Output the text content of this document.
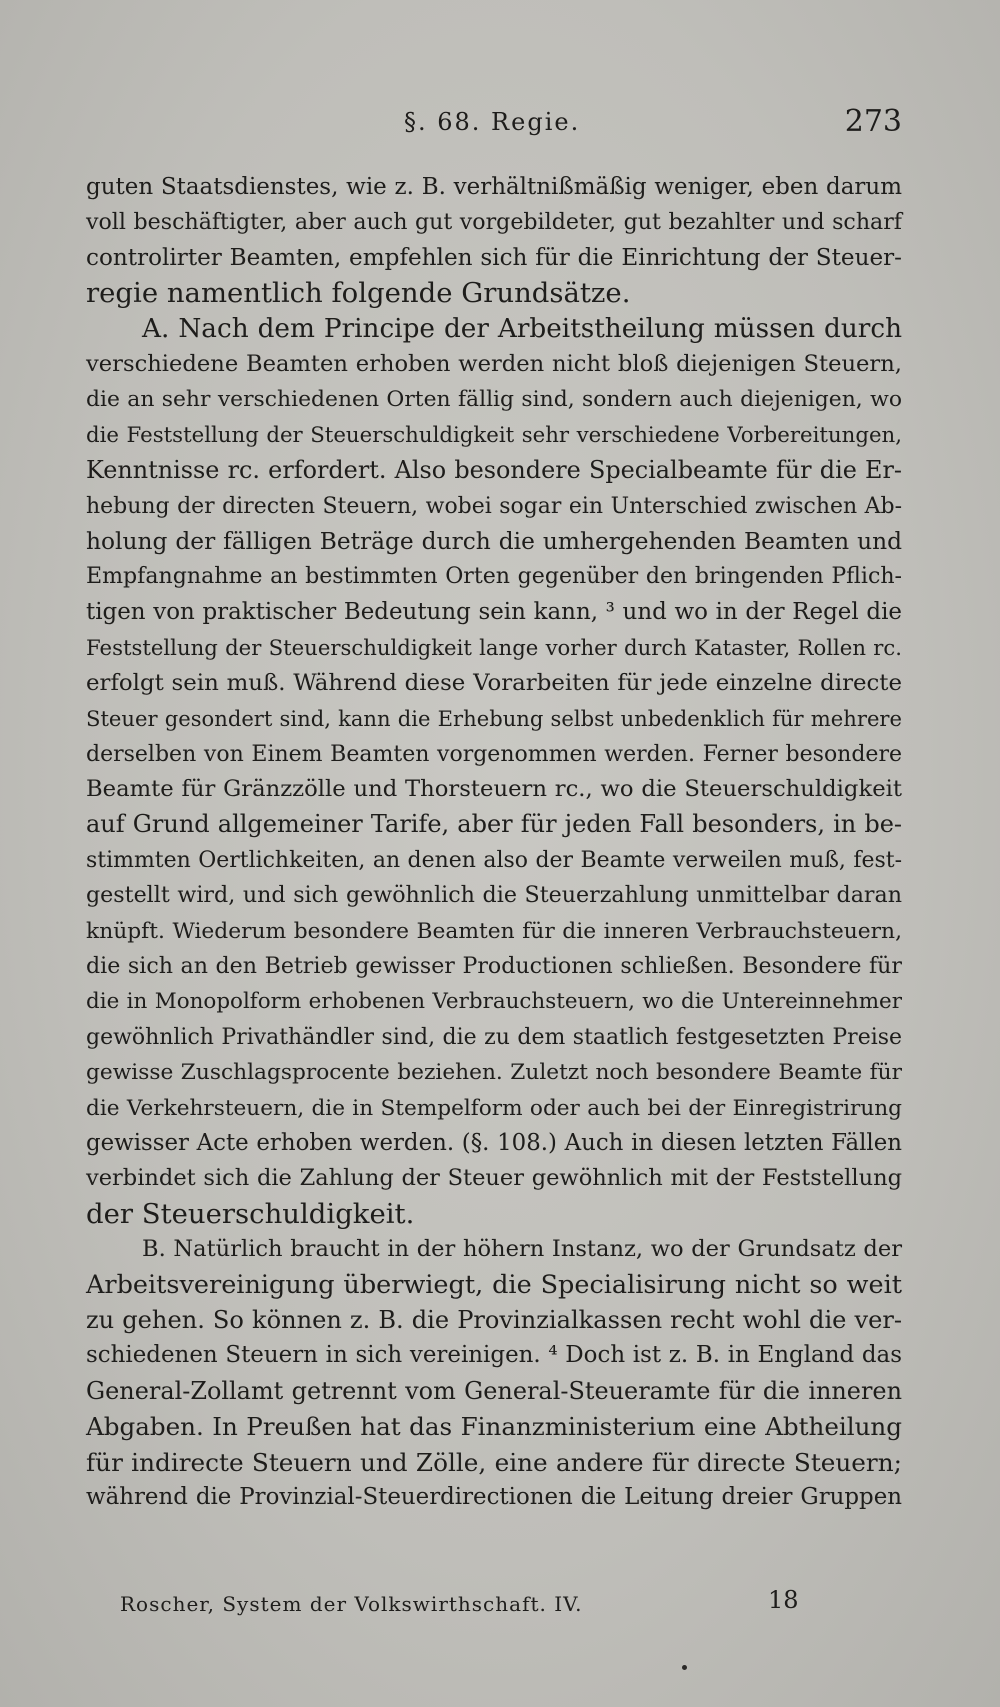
§. 68. Regie.	273
guten Staatsdienstes, wie z. B. verhältnißmäßig weniger, eben darum
voll beschäftigter, aber auch gut vorgebildeter, gut bezahlter und scharf
controlirter Beamten, empfehlen sich für die Einrichtung der Steuer-
regie namentlich folgende Grundsätze.
A. Nach dem Principe der Arbeitstheilung müssen durch
verschiedene Beamten erhoben werden nicht bloß diejenigen Steuern,
die an sehr verschiedenen Orten fällig sind, sondern auch diejenigen, wo
die Feststellung der Steuerschuldigkeit sehr verschiedene Vorbereitungen,
Kenntnisse rc. erfordert. Also besondere Specialbeamte für die Er-
hebung der directen Steuern, wobei sogar ein Unterschied zwischen Ab-
holung der fälligen Beträge durch die umhergehenden Beamten und
Empfangnahme an bestimmten Orten gegenüber den bringenden Pflich-
tigen von praktischer Bedeutung sein kann, ³ und wo in der Regel die
Feststellung der Steuerschuldigkeit lange vorher durch Kataster, Rollen rc.
erfolgt sein muß. Während diese Vorarbeiten für jede einzelne directe
Steuer gesondert sind, kann die Erhebung selbst unbedenklich für mehrere
derselben von Einem Beamten vorgenommen werden. Ferner besondere
Beamte für Gränzzölle und Thorsteuern rc., wo die Steuerschuldigkeit
auf Grund allgemeiner Tarife, aber für jeden Fall besonders, in be-
stimmten Oertlichkeiten, an denen also der Beamte verweilen muß, fest-
gestellt wird, und sich gewöhnlich die Steuerzahlung unmittelbar daran
knüpft. Wiederum besondere Beamten für die inneren Verbrauchsteuern,
die sich an den Betrieb gewisser Productionen schließen. Besondere für
die in Monopolform erhobenen Verbrauchsteuern, wo die Untereinnehmer
gewöhnlich Privathändler sind, die zu dem staatlich festgesetzten Preise
gewisse Zuschlagsprocente beziehen. Zuletzt noch besondere Beamte für
die Verkehrsteuern, die in Stempelform oder auch bei der Einregistrirung
gewisser Acte erhoben werden. (§. 108.) Auch in diesen letzten Fällen
verbindet sich die Zahlung der Steuer gewöhnlich mit der Feststellung
der Steuerschuldigkeit.
B. Natürlich braucht in der höhern Instanz, wo der Grundsatz der
Arbeitsvereinigung überwiegt, die Specialisirung nicht so weit
zu gehen. So können z. B. die Provinzialkassen recht wohl die ver-
schiedenen Steuern in sich vereinigen. ⁴ Doch ist z. B. in England das
General-Zollamt getrennt vom General-Steueramte für die inneren
Abgaben. In Preußen hat das Finanzministerium eine Abtheilung
für indirecte Steuern und Zölle, eine andere für directe Steuern;
während die Provinzial-Steuerdirectionen die Leitung dreier Gruppen
Roscher, System der Volkswirthschaft. IV.	18
